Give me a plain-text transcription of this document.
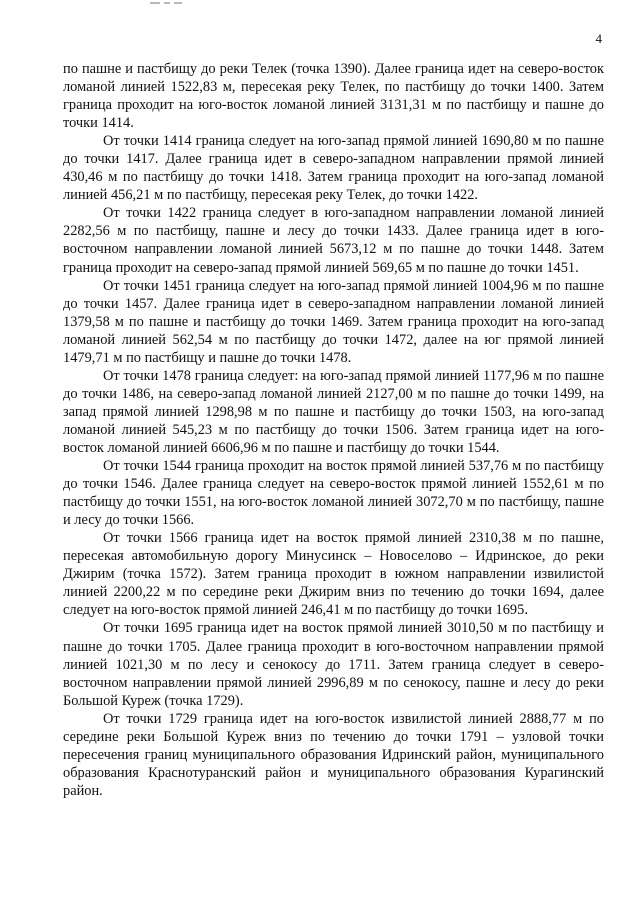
4

по пашне и пастбищу до реки Телек (точка 1390). Далее граница идет на северо-восток ломаной линией 1522,83 м, пересекая реку Телек, по пастбищу до точки 1400. Затем граница проходит на юго-восток ломаной линией 3131,31 м по пастбищу и пашне до точки 1414.

От точки 1414 граница следует на юго-запад прямой линией 1690,80 м по пашне до точки 1417. Далее граница идет в северо-западном направлении прямой линией 430,46 м по пастбищу до точки 1418. Затем граница проходит на юго-запад ломаной линией 456,21 м по пастбищу, пересекая реку Телек, до точки 1422.

От точки 1422 граница следует в юго-западном направлении ломаной линией 2282,56 м по пастбищу, пашне и лесу до точки 1433. Далее граница идет в юго-восточном направлении ломаной линией 5673,12 м по пашне до точки 1448. Затем граница проходит на северо-запад прямой линией 569,65 м по пашне до точки 1451.

От точки 1451 граница следует на юго-запад прямой линией 1004,96 м по пашне до точки 1457. Далее граница идет в северо-западном направлении ломаной линией 1379,58 м по пашне и пастбищу до точки 1469. Затем граница проходит на юго-запад ломаной линией 562,54 м по пастбищу до точки 1472, далее на юг прямой линией 1479,71 м по пастбищу и пашне до точки 1478.

От точки 1478 граница следует: на юго-запад прямой линией 1177,96 м по пашне до точки 1486, на северо-запад ломаной линией 2127,00 м по пашне до точки 1499, на запад прямой линией 1298,98 м по пашне и пастбищу до точки 1503, на юго-запад ломаной линией 545,23 м по пастбищу до точки 1506. Затем граница идет на юго-восток ломаной линией 6606,96 м по пашне и пастбищу до точки 1544.

От точки 1544 граница проходит на восток прямой линией 537,76 м по пастбищу до точки 1546. Далее граница следует на северо-восток прямой линией 1552,61 м по пастбищу до точки 1551, на юго-восток ломаной линией 3072,70 м по пастбищу, пашне и лесу до точки 1566.

От точки 1566 граница идет на восток прямой линией 2310,38 м по пашне, пересекая автомобильную дорогу Минусинск – Новоселово – Идринское, до реки Джирим (точка 1572). Затем граница проходит в южном направлении извилистой линией 2200,22 м по середине реки Джирим вниз по течению до точки 1694, далее следует на юго-восток прямой линией 246,41 м по пастбищу до точки 1695.

От точки 1695 граница идет на восток прямой линией 3010,50 м по пастбищу и пашне до точки 1705. Далее граница проходит в юго-восточном направлении прямой линией 1021,30 м по лесу и сенокосу до 1711. Затем граница следует в северо-восточном направлении прямой линией 2996,89 м по сенокосу, пашне и лесу до реки Большой Куреж (точка 1729).

От точки 1729 граница идет на юго-восток извилистой линией 2888,77 м по середине реки Большой Куреж вниз по течению до точки 1791 – узловой точки пересечения границ муниципального образования Идринский район, муниципального образования Краснотуранский район и муниципального образования Курагинский район.
